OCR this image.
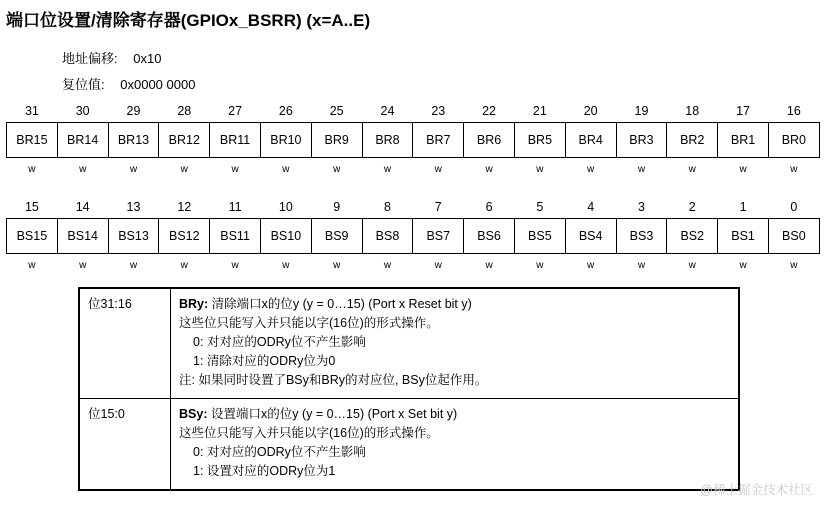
端口位设置/清除寄存器(GPIOx_BSRR) (x=A..E)
地址偏移: 0x10
复位值: 0x0000 0000
31	30	29	28	27	26	25	24	23	22	21	20	19	18	17	16
BR15	BR14	BR13	BR12	BR11	BR10	BR9	BR8	BR7	BR6	BR5	BR4	BR3	BR2	BR1	BR0
w	w	w	w	w	w	w	w	w	w	w	w	w	w	w	w
15	14	13	12	11	10	9	8	7	6	5	4	3	2	1	0
BS15	BS14	BS13	BS12	BS11	BS10	BS9	BS8	BS7	BS6	BS5	BS4	BS3	BS2	BS1	BS0
w	w	w	w	w	w	w	w	w	w	w	w	w	w	w	w
位31:16	BRy: 清除端口x的位y (y = 0…15) (Port x Reset bit y)
这些位只能写入并只能以字(16位)的形式操作。
0: 对对应的ODRy位不产生影响
1: 清除对应的ODRy位为0
注: 如果同时设置了BSy和BRy的对应位, BSy位起作用。

位15:0	BSy: 设置端口x的位y (y = 0…15) (Port x Set bit y)
这些位只能写入并只能以字(16位)的形式操作。
0: 对对应的ODRy位不产生影响
1: 设置对应的ODRy位为1
@稀土掘金技术社区
